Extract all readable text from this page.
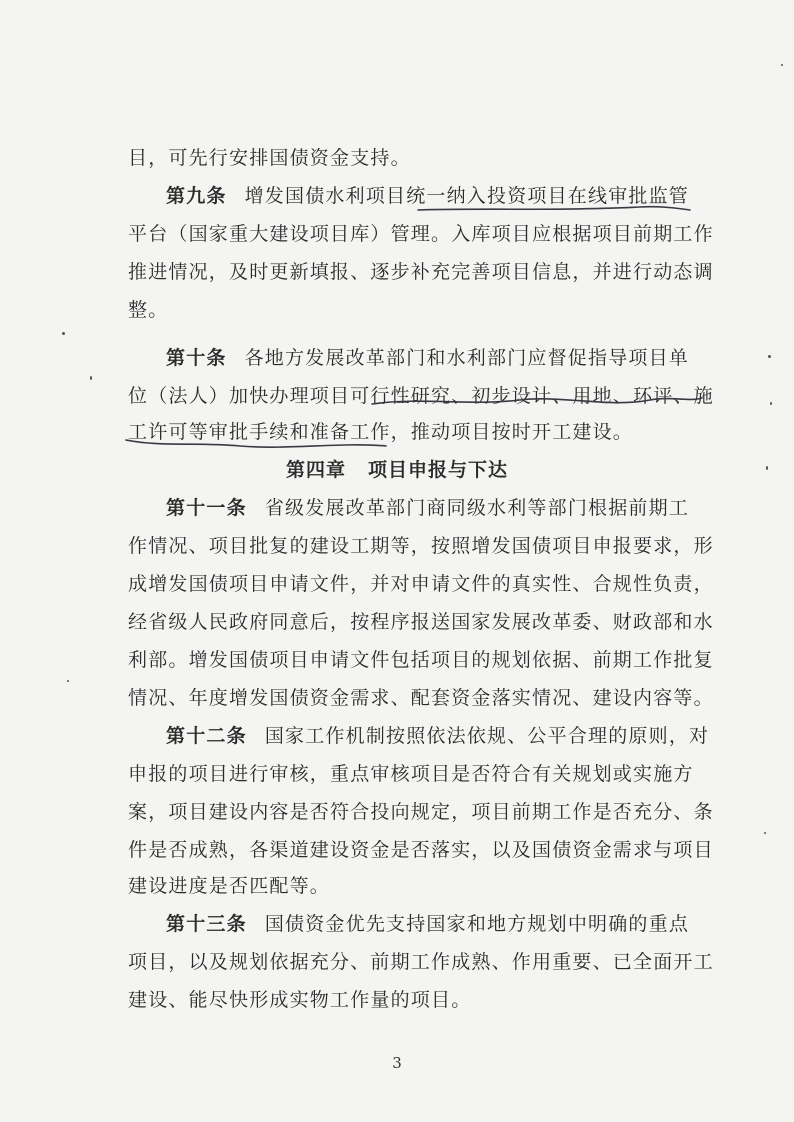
目，可先行安排国债资金支持。
第九条 增发国债水利项目统一纳入投资项目在线审批监管
平台（国家重大建设项目库）管理。入库项目应根据项目前期工作
推进情况，及时更新填报、逐步补充完善项目信息，并进行动态调
整。
第十条 各地方发展改革部门和水利部门应督促指导项目单
位（法人）加快办理项目可行性研究、初步设计、用地、环评、施
工许可等审批手续和准备工作，推动项目按时开工建设。
第四章 项目申报与下达
第十一条 省级发展改革部门商同级水利等部门根据前期工
作情况、项目批复的建设工期等，按照增发国债项目申报要求，形
成增发国债项目申请文件，并对申请文件的真实性、合规性负责，
经省级人民政府同意后，按程序报送国家发展改革委、财政部和水
利部。增发国债项目申请文件包括项目的规划依据、前期工作批复
情况、年度增发国债资金需求、配套资金落实情况、建设内容等。
第十二条 国家工作机制按照依法依规、公平合理的原则，对
申报的项目进行审核，重点审核项目是否符合有关规划或实施方
案，项目建设内容是否符合投向规定，项目前期工作是否充分、条
件是否成熟，各渠道建设资金是否落实，以及国债资金需求与项目
建设进度是否匹配等。
第十三条 国债资金优先支持国家和地方规划中明确的重点
项目，以及规划依据充分、前期工作成熟、作用重要、已全面开工
建设、能尽快形成实物工作量的项目。
3
